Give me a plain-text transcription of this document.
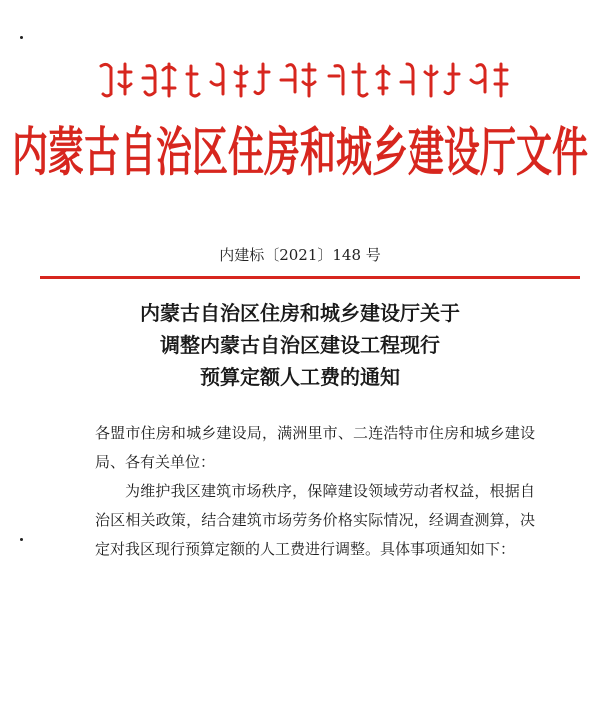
内蒙古自治区住房和城乡建设厅文件
内建标〔2021〕148 号
内蒙古自治区住房和城乡建设厅关于
调整内蒙古自治区建设工程现行
预算定额人工费的通知

各盟市住房和城乡建设局，满洲里市、二连浩特市住房和城乡建设局、各有关单位：

为维护我区建筑市场秩序，保障建设领域劳动者权益，根据自治区相关政策，结合建筑市场劳务价格实际情况，经调查测算，决定对我区现行预算定额的人工费进行调整。具体事项通知如下：
